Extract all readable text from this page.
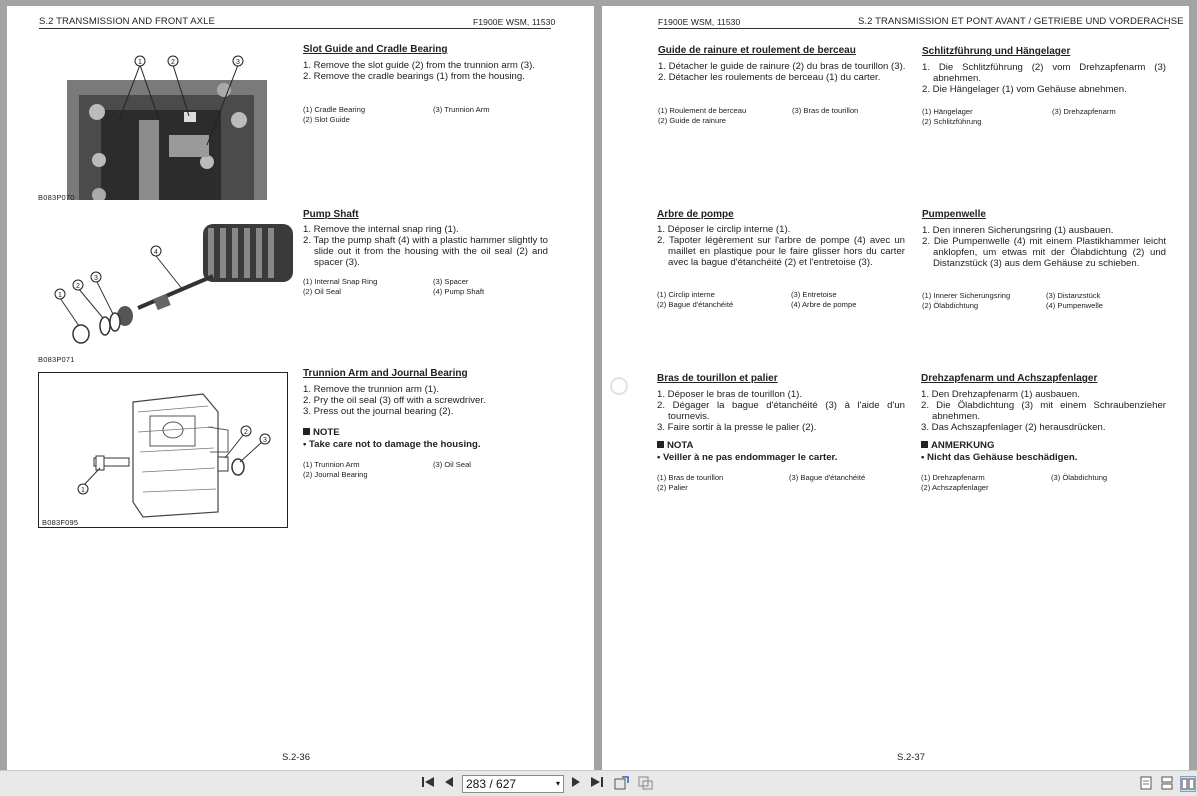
S.2 TRANSMISSION AND FRONT AXLE	F1900E WSM, 11530
1	2	3
B083P070
Slot Guide and Cradle Bearing
1. Remove the slot guide (2) from the trunnion arm (3).
2. Remove the cradle bearings (1) from the housing.
(1) Cradle Bearing	(3) Trunnion Arm
(2) Slot Guide
1
2
3
4
B083P071
Pump Shaft
1. Remove the internal snap ring (1).
2. Tap the pump shaft (4) with a plastic hammer slightly to slide out it from the housing with the oil seal (2) and spacer (3).
(1) Internal Snap Ring	(3) Spacer
(2) Oil Seal	(4) Pump Shaft
1
2
3
B083F095
Trunnion Arm and Journal Bearing
1. Remove the trunnion arm (1).
2. Pry the oil seal (3) off with a screwdriver.
3. Press out the journal bearing (2).
NOTE
• Take care not to damage the housing.
(1) Trunnion Arm	(3) Oil Seal
(2) Journal Bearing
S.2-36
F1900E WSM, 11530	S.2 TRANSMISSION ET PONT AVANT / GETRIEBE UND VORDERACHSE
Guide de rainure et roulement de berceau
1. Détacher le guide de rainure (2) du bras de tourillon (3).
2. Détacher les roulements de berceau (1) du carter.
(1) Roulement de berceau	(3) Bras de tourillon
(2) Guide de rainure
Arbre de pompe
1. Déposer le circlip interne (1).
2. Tapoter légèrement sur l'arbre de pompe (4) avec un maillet en plastique pour le faire glisser hors du carter avec la bague d'étanchéité (2) et l'entretoise (3).
(1) Circlip interne	(3) Entretoise
(2) Bague d'étanchéité	(4) Arbre de pompe
Bras de tourillon et palier
1. Déposer le bras de tourillon (1).
2. Dégager la bague d'étanchéité (3) à l'aide d'un tournevis.
3. Faire sortir à la presse le palier (2).
NOTA
• Veiller à ne pas endommager le carter.
(1) Bras de tourillon	(3) Bague d'étanchéité
(2) Palier
Schlitzführung und Hängelager
1. Die Schlitzführung (2) vom Drehzapfenarm (3) abnehmen.
2. Die Hängelager (1) vom Gehäuse abnehmen.
(1) Hängelager	(3) Drehzapfenarm
(2) Schlitzführung
Pumpenwelle
1. Den inneren Sicherungsring (1) ausbauen.
2. Die Pumpenwelle (4) mit einem Plastikhammer leicht anklopfen, um etwas mit der Ölabdichtung (2) und Distanzstück (3) aus dem Gehäuse zu schieben.
(1) Innerer Sicherungsring	(3) Distanzstück
(2) Ölabdichtung	(4) Pumpenwelle
Drehzapfenarm und Achszapfenlager
1. Den Drehzapfenarm (1) ausbauen.
2. Die Ölabdichtung (3) mit einem Schraubenzieher abnehmen.
3. Das Achszapfenlager (2) herausdrücken.
ANMERKUNG
• Nicht das Gehäuse beschädigen.
(1) Drehzapfenarm	(3) Ölabdichtung
(2) Achszapfenlager
S.2-37
283 / 627	▾
